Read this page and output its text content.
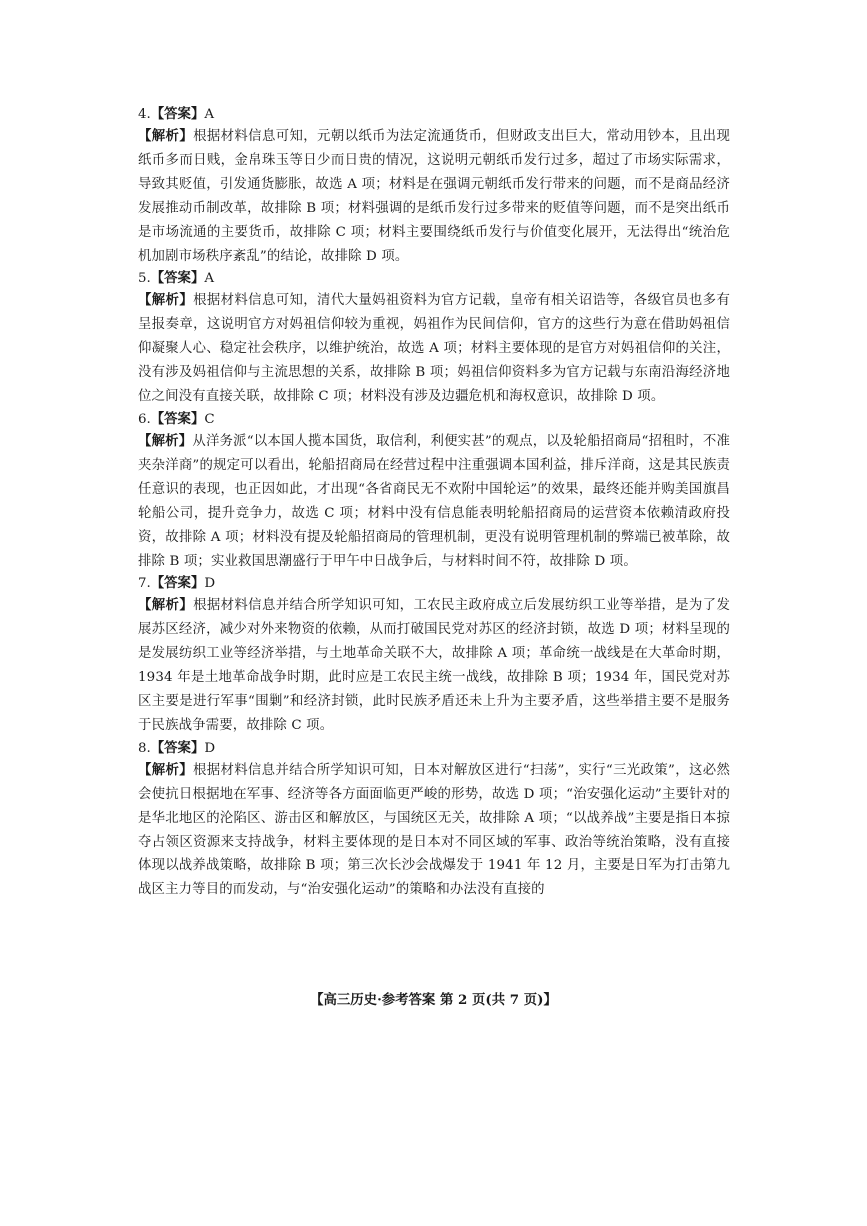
4.【答案】A
【解析】根据材料信息可知，元朝以纸币为法定流通货币，但财政支出巨大，常动用钞本，且出现纸币多而日贱，金帛珠玉等日少而日贵的情况，这说明元朝纸币发行过多，超过了市场实际需求，导致其贬值，引发通货膨胀，故选 A 项；材料是在强调元朝纸币发行带来的问题，而不是商品经济发展推动币制改革，故排除 B 项；材料强调的是纸币发行过多带来的贬值等问题，而不是突出纸币是市场流通的主要货币，故排除 C 项；材料主要围绕纸币发行与价值变化展开，无法得出“统治危机加剧市场秩序紊乱”的结论，故排除 D 项。
5.【答案】A
【解析】根据材料信息可知，清代大量妈祖资料为官方记载，皇帝有相关诏诰等，各级官员也多有呈报奏章，这说明官方对妈祖信仰较为重视，妈祖作为民间信仰，官方的这些行为意在借助妈祖信仰凝聚人心、稳定社会秩序，以维护统治，故选 A 项；材料主要体现的是官方对妈祖信仰的关注，没有涉及妈祖信仰与主流思想的关系，故排除 B 项；妈祖信仰资料多为官方记载与东南沿海经济地位之间没有直接关联，故排除 C 项；材料没有涉及边疆危机和海权意识，故排除 D 项。
6.【答案】C
【解析】从洋务派“以本国人揽本国货，取信利，利便实甚”的观点，以及轮船招商局“招租时，不准夹杂洋商”的规定可以看出，轮船招商局在经营过程中注重强调本国利益，排斥洋商，这是其民族责任意识的表现，也正因如此，才出现“各省商民无不欢附中国轮运”的效果，最终还能并购美国旗昌轮船公司，提升竞争力，故选 C 项；材料中没有信息能表明轮船招商局的运营资本依赖清政府投资，故排除 A 项；材料没有提及轮船招商局的管理机制，更没有说明管理机制的弊端已被革除，故排除 B 项；实业救国思潮盛行于甲午中日战争后，与材料时间不符，故排除 D 项。
7.【答案】D
【解析】根据材料信息并结合所学知识可知，工农民主政府成立后发展纺织工业等举措，是为了发展苏区经济，减少对外来物资的依赖，从而打破国民党对苏区的经济封锁，故选 D 项；材料呈现的是发展纺织工业等经济举措，与土地革命关联不大，故排除 A 项；革命统一战线是在大革命时期，1934 年是土地革命战争时期，此时应是工农民主统一战线，故排除 B 项；1934 年，国民党对苏区主要是进行军事“围剿”和经济封锁，此时民族矛盾还未上升为主要矛盾，这些举措主要不是服务于民族战争需要，故排除 C 项。
8.【答案】D
【解析】根据材料信息并结合所学知识可知，日本对解放区进行“扫荡”，实行“三光政策”，这必然会使抗日根据地在军事、经济等各方面面临更严峻的形势，故选 D 项；“治安强化运动”主要针对的是华北地区的沦陷区、游击区和解放区，与国统区无关，故排除 A 项；“以战养战”主要是指日本掠夺占领区资源来支持战争，材料主要体现的是日本对不同区域的军事、政治等统治策略，没有直接体现以战养战策略，故排除 B 项；第三次长沙会战爆发于 1941 年 12 月，主要是日军为打击第九战区主力等目的而发动，与“治安强化运动”的策略和办法没有直接的
【高三历史·参考答案 第 2 页(共 7 页)】
